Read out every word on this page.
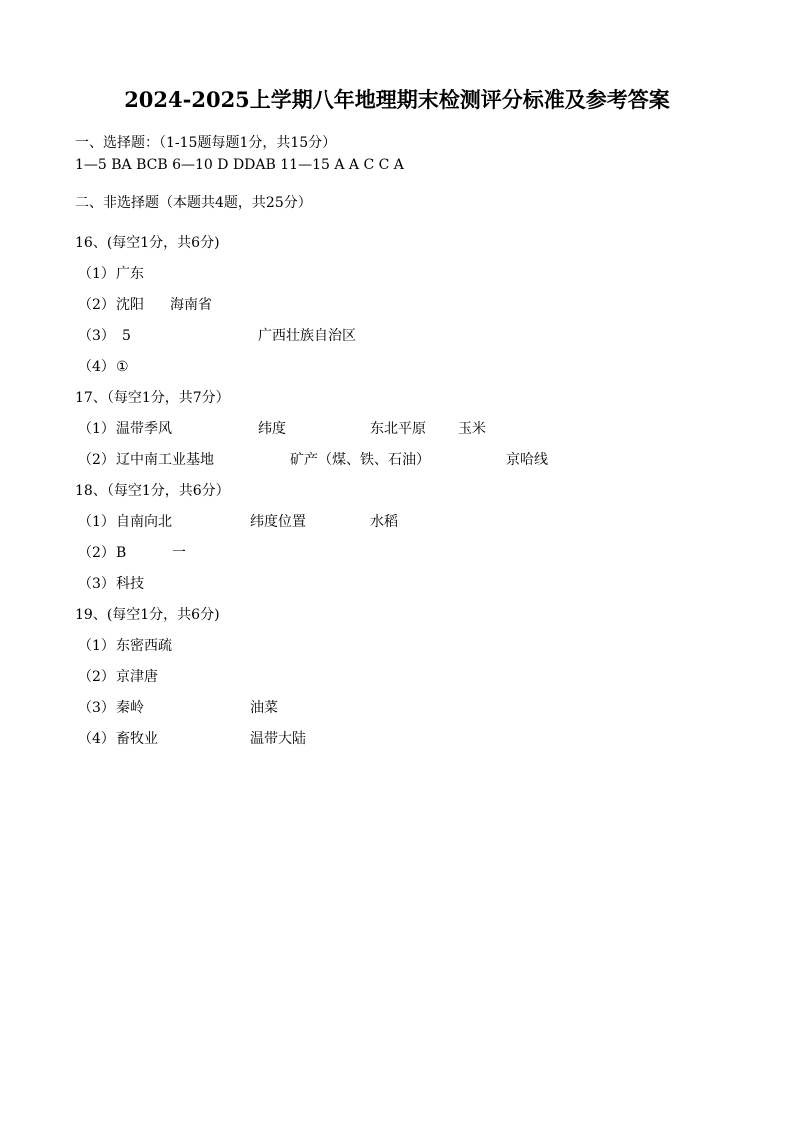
2024-2025上学期八年地理期末检测评分标准及参考答案
一、选择题：（1-15题每题1分，共15分）
1—5 BA BCB 6—10 D DDAB 11—15 A A C C A
二、非选择题（本题共4题，共25分）
16、(每空1分，共6分)
（1） 广东
（2） 沈阳 海南省
（3） 5	广西壮族自治区
（4） ①
17、（每空1分，共7分）
（1） 温带季风	纬度	东北平原 玉米
（2） 辽中南工业基地	矿产（煤、铁、石油）	京哈线
18、（每空1分，共6分）
（1） 自南向北	纬度位置	水稻
（2） B	一
（3） 科技
19、(每空1分，共6分)
（1） 东密西疏
（2） 京津唐
（3） 秦岭	油菜
（4） 畜牧业	温带大陆
